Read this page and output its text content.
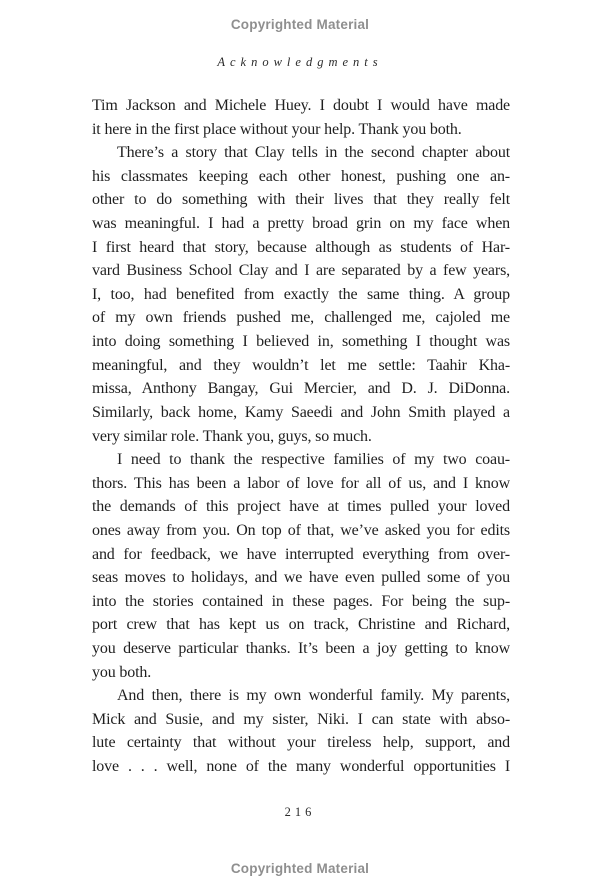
Copyrighted Material
Acknowledgments
Tim Jackson and Michele Huey. I doubt I would have made
it here in the first place without your help. Thank you both.
There’s a story that Clay tells in the second chapter about
his classmates keeping each other honest, pushing one an-
other to do something with their lives that they really felt
was meaningful. I had a pretty broad grin on my face when
I first heard that story, because although as students of Har-
vard Business School Clay and I are separated by a few years,
I, too, had benefited from exactly the same thing. A group
of my own friends pushed me, challenged me, cajoled me
into doing something I believed in, something I thought was
meaningful, and they wouldn’t let me settle: Taahir Kha-
missa, Anthony Bangay, Gui Mercier, and D. J. DiDonna.
Similarly, back home, Kamy Saeedi and John Smith played a
very similar role. Thank you, guys, so much.
I need to thank the respective families of my two coau-
thors. This has been a labor of love for all of us, and I know
the demands of this project have at times pulled your loved
ones away from you. On top of that, we’ve asked you for edits
and for feedback, we have interrupted everything from over-
seas moves to holidays, and we have even pulled some of you
into the stories contained in these pages. For being the sup-
port crew that has kept us on track, Christine and Richard,
you deserve particular thanks. It’s been a joy getting to know
you both.
And then, there is my own wonderful family. My parents,
Mick and Susie, and my sister, Niki. I can state with abso-
lute certainty that without your tireless help, support, and
love . . . well, none of the many wonderful opportunities I
216
Copyrighted Material
